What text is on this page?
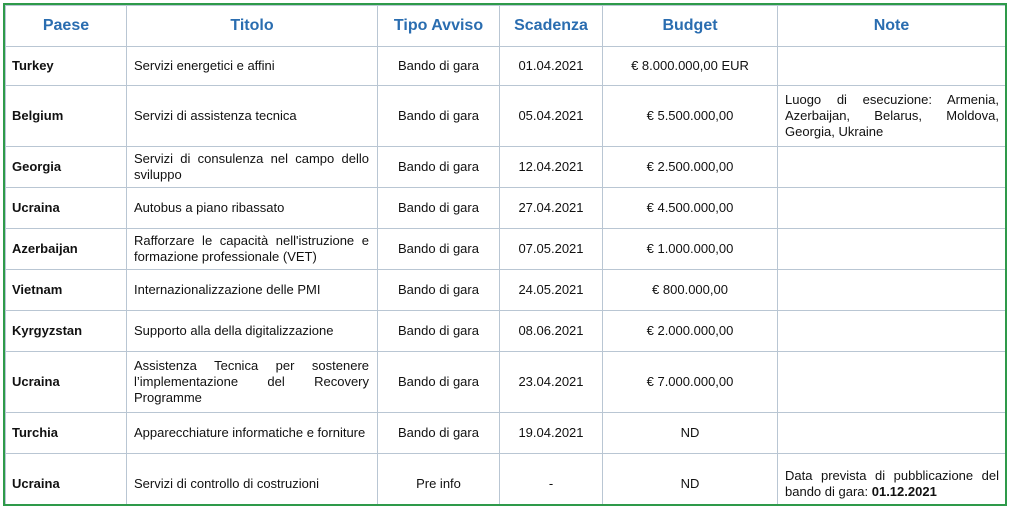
Paese	Titolo	Tipo Avviso	Scadenza	Budget	Note
Turkey	Servizi energetici e affini	Bando di gara	01.04.2021	€ 8.000.000,00 EUR	
Belgium	Servizi di assistenza tecnica	Bando di gara	05.04.2021	€ 5.500.000,00	Luogo di esecuzione: Armenia, Azerbaijan, Belarus, Moldova, Georgia, Ukraine
Georgia	Servizi di consulenza nel campo dello sviluppo	Bando di gara	12.04.2021	€ 2.500.000,00	
Ucraina	Autobus a piano ribassato	Bando di gara	27.04.2021	€ 4.500.000,00	
Azerbaijan	Rafforzare le capacità nell'istruzione e formazione professionale (VET)	Bando di gara	07.05.2021	€ 1.000.000,00	
Vietnam	Internazionalizzazione delle PMI	Bando di gara	24.05.2021	€ 800.000,00	
Kyrgyzstan	Supporto alla della digitalizzazione	Bando di gara	08.06.2021	€ 2.000.000,00	
Ucraina	Assistenza Tecnica per sostenere l’implementazione del Recovery Programme	Bando di gara	23.04.2021	€ 7.000.000,00	
Turchia	Apparecchiature informatiche e forniture	Bando di gara	19.04.2021	ND	
Ucraina	Servizi di controllo di costruzioni	Pre info	-	ND	Data prevista di pubblicazione del bando di gara: 01.12.2021
